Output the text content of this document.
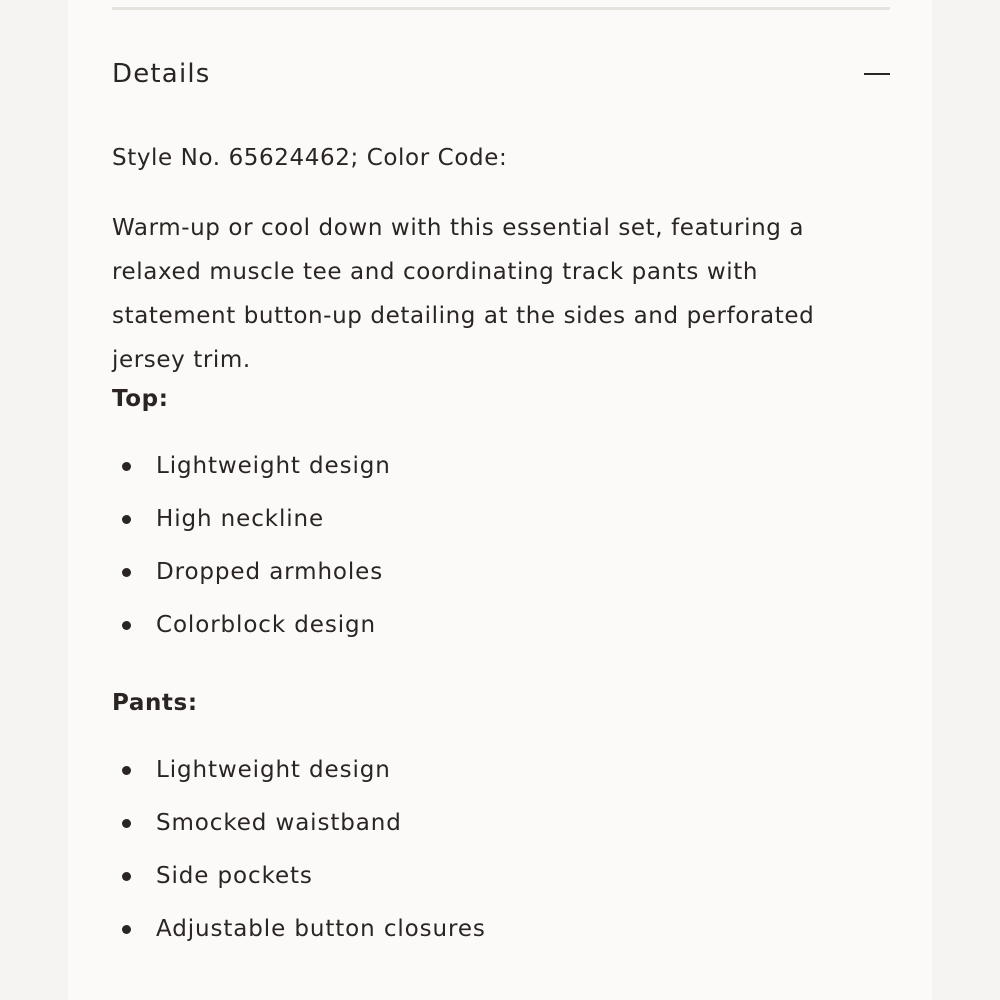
Details

Style No. 65624462; Color Code:

Warm-up or cool down with this essential set, featuring a
relaxed muscle tee and coordinating track pants with
statement button-up detailing at the sides and perforated
jersey trim.

Top:

Lightweight design
High neckline
Dropped armholes
Colorblock design

Pants:

Lightweight design
Smocked waistband
Side pockets
Adjustable button closures
